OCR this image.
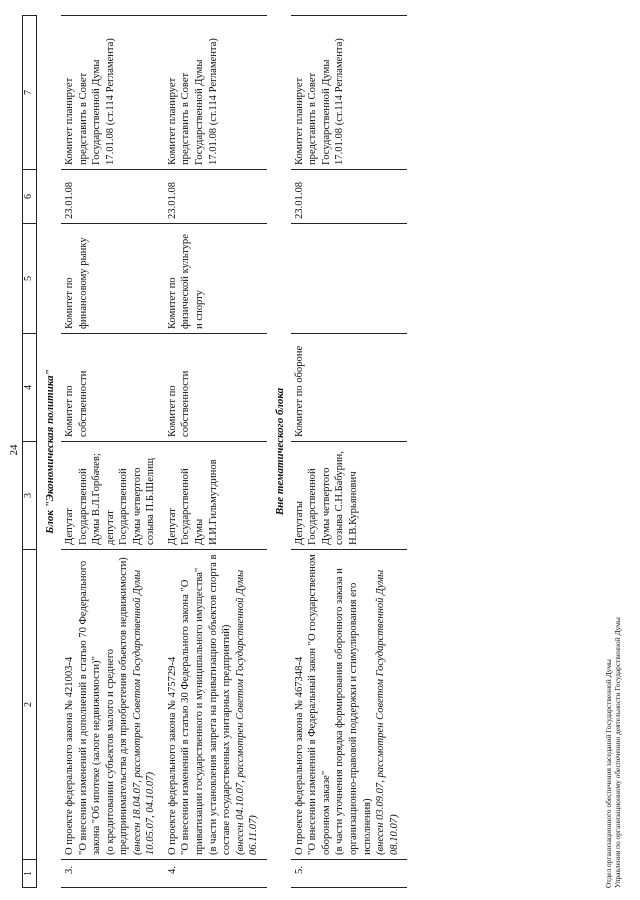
24
1	2	3	4	5	6	7
Блок "Экономическая политика"						
3.	О проекте федерального закона № 421003-4 "О внесении изменений и дополнений в статью 70 Федерального закона "Об ипотеке (залоге недвижимости)" (о кредитовании субъектов малого и среднего предпринимательства для приобретения объектов недвижимости) (внесен 18.04.07, рассмотрен Советом Государственной Думы 10.05.07, 04.10.07)	Депутат Государственной Думы В.Л.Горбачев; депутат Государственной Думы четвертого созыва П.Б.Шелищ	Комитет по собственности	Комитет по финансовому рынку	23.01.08	Комитет планирует представить в Совет Государственной Думы 17.01.08 (ст.114 Регламента)
4.	О проекте федерального закона № 475729-4 "О внесении изменений в статью 30 Федерального закона "О приватизации государственного и муниципального имущества" (в части установления запрета на приватизацию объектов спорта в составе государственных унитарных предприятий) (внесен 04.10.07, рассмотрен Советом Государственной Думы 06.11.07)	Депутат Государственной Думы И.И.Гильмутдинов	Комитет по собственности	Комитет по физической культуре и спорту	23.01.08	Комитет планирует представить в Совет Государственной Думы 17.01.08 (ст.114 Регламента)
Вне тематического блока						
5.	О проекте федерального закона № 467348-4 "О внесении изменений в Федеральный закон "О государственном оборонном заказе" (в части уточнения порядка формирования оборонного заказа и организационно-правовой поддержки и стимулирования его исполнения) (внесен 03.09.07, рассмотрен Советом Государственной Думы 08.10.07)	Депутаты Государственной Думы четвертого созыва С.Н.Бабурин, Н.В.Курьянович	Комитет по обороне		23.01.08	Комитет планирует представить в Совет Государственной Думы 17.01.08 (ст.114 Регламента)
Отдел организационного обеспечения заседаний Государственной Думы Управления по организационному обеспечению деятельности Государственной Думы
